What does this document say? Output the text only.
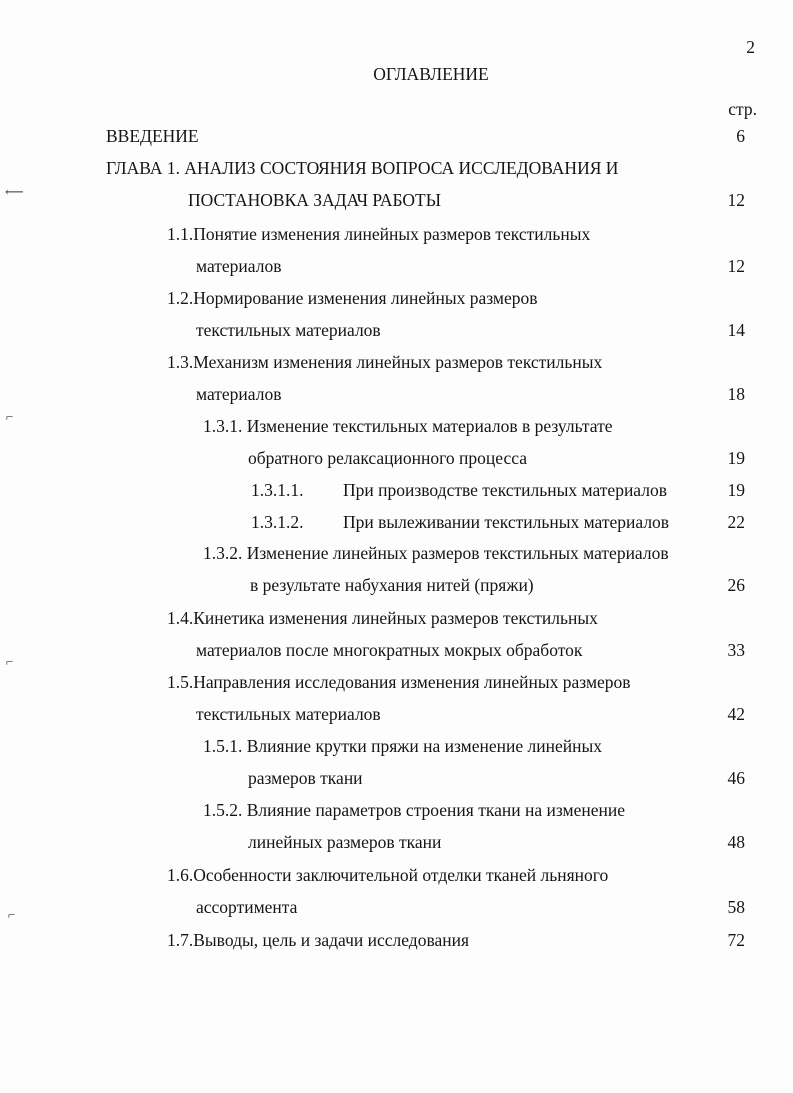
2
ОГЛАВЛЕНИЕ
стр.
ВВЕДЕНИЕ	6
ГЛАВА 1. АНАЛИЗ СОСТОЯНИЯ ВОПРОСА ИССЛЕДОВАНИЯ И
ПОСТАНОВКА ЗАДАЧ РАБОТЫ	12
1.1.Понятие изменения линейных размеров текстильных
материалов	12
1.2.Нормирование изменения линейных размеров
текстильных материалов	14
1.3.Механизм изменения линейных размеров текстильных
материалов	18
1.3.1. Изменение текстильных материалов в результате
обратного релаксационного процесса	19
1.3.1.1. При производстве текстильных материалов	19
1.3.1.2. При вылеживании текстильных материалов	22
1.3.2. Изменение линейных размеров текстильных материалов
в результате набухания нитей (пряжи)	26
1.4.Кинетика изменения линейных размеров текстильных
материалов после многократных мокрых обработок	33
1.5.Направления исследования изменения линейных размеров
текстильных материалов	42
1.5.1. Влияние крутки пряжи на изменение линейных
размеров ткани	46
1.5.2. Влияние параметров строения ткани на изменение
линейных размеров ткани	48
1.6.Особенности заключительной отделки тканей льняного
ассортимента	58
1.7.Выводы, цель и задачи исследования	72
⟵
⌐
⌐
⌐
